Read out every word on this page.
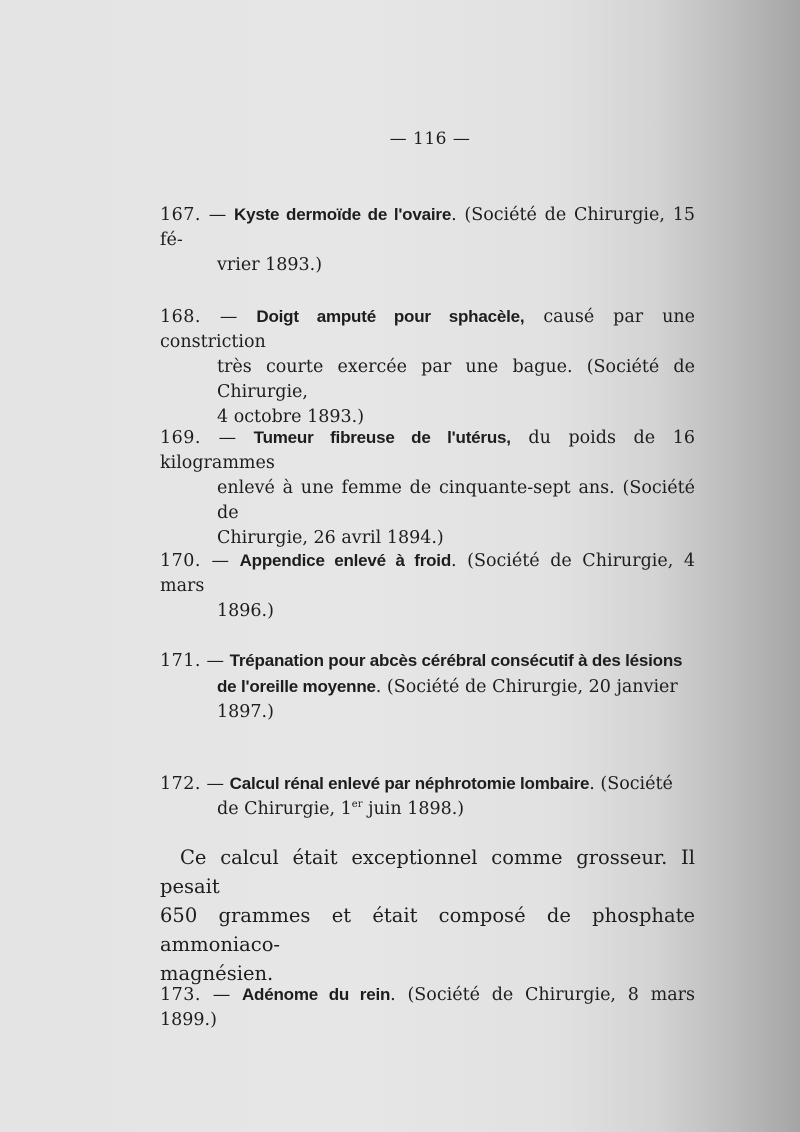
— 116 —
167. — Kyste dermoïde de l'ovaire. (Société de Chirurgie, 15 fé-
vrier 1893.)
168. — Doigt amputé pour sphacèle, causé par une constriction
très courte exercée par une bague. (Société de Chirurgie,
4 octobre 1893.)
169. — Tumeur fibreuse de l'utérus, du poids de 16 kilogrammes
enlevé à une femme de cinquante-sept ans. (Société de
Chirurgie, 26 avril 1894.)
170. — Appendice enlevé à froid. (Société de Chirurgie, 4 mars
1896.)
171. — Trépanation pour abcès cérébral consécutif à des lésions
de l'oreille moyenne. (Société de Chirurgie, 20 janvier
1897.)
172. — Calcul rénal enlevé par néphrotomie lombaire. (Société
de Chirurgie, 1er juin 1898.)
Ce calcul était exceptionnel comme grosseur. Il pesait
650 grammes et était composé de phosphate ammoniaco-
magnésien.
173. — Adénome du rein. (Société de Chirurgie, 8 mars 1899.)
